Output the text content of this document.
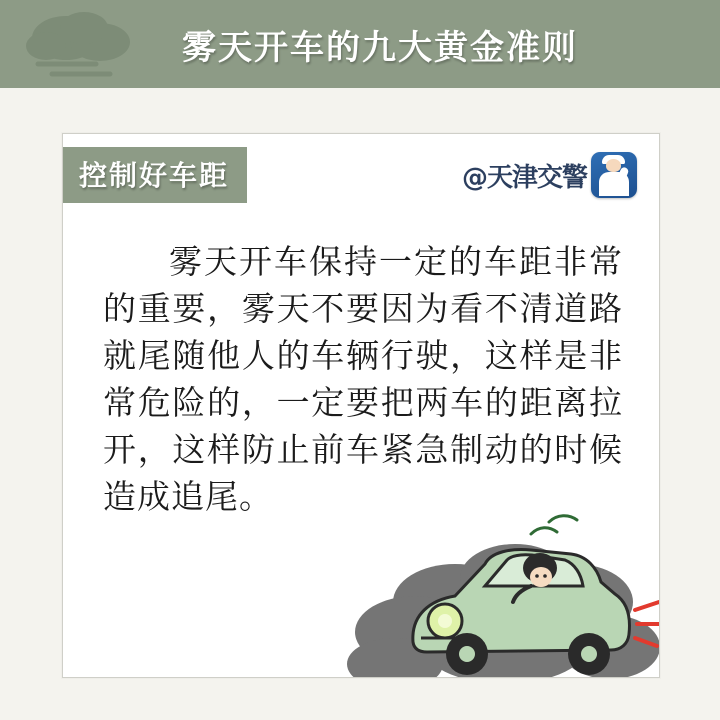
雾天开车的九大黄金准则
控制好车距	@天津交警
雾天开车保持一定的车距非常的重要，雾天不要因为看不清道路就尾随他人的车辆行驶，这样是非常危险的，一定要把两车的距离拉开，这样防止前车紧急制动的时候造成追尾。
